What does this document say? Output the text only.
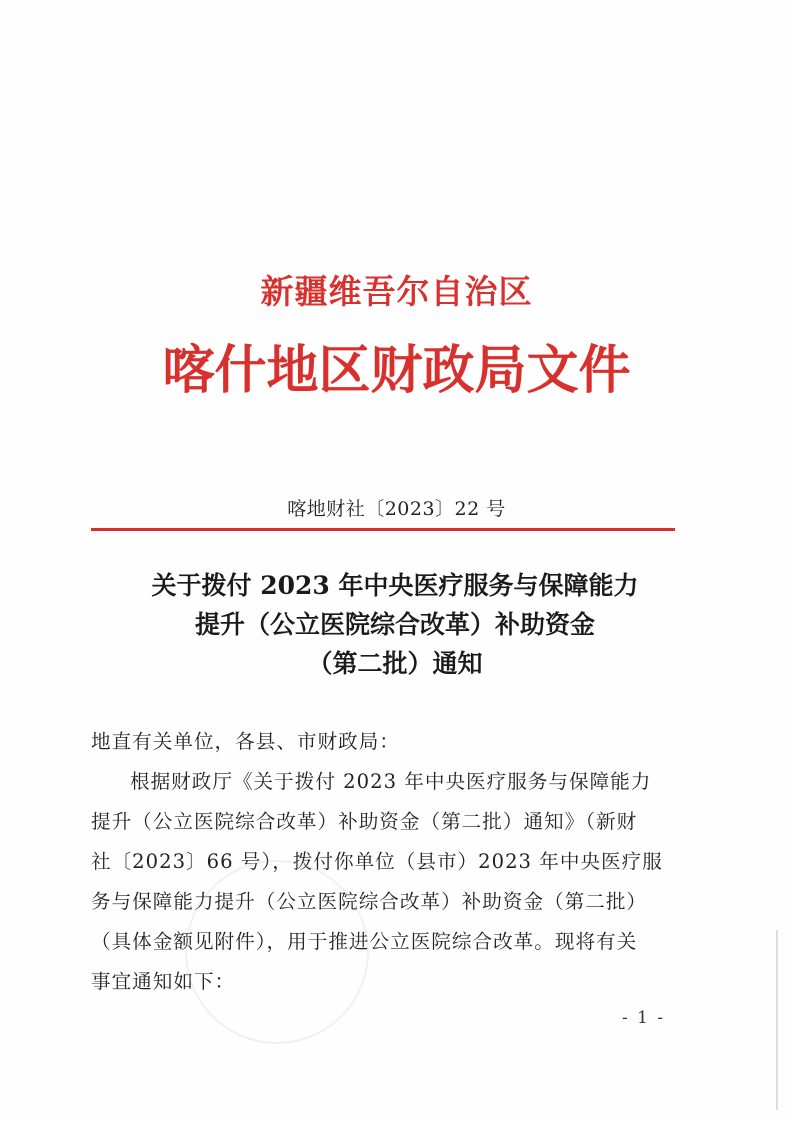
新疆维吾尔自治区
喀什地区财政局文件
喀地财社〔2023〕22 号
关于拨付 2023 年中央医疗服务与保障能力
提升（公立医院综合改革）补助资金
（第二批）通知
地直有关单位，各县、市财政局：
根据财政厅《关于拨付 2023 年中央医疗服务与保障能力
提升（公立医院综合改革）补助资金（第二批）通知》（新财
社〔2023〕66 号），拨付你单位（县市）2023 年中央医疗服
务与保障能力提升（公立医院综合改革）补助资金（第二批）
（具体金额见附件），用于推进公立医院综合改革。现将有关
事宜通知如下：
- 1 -
